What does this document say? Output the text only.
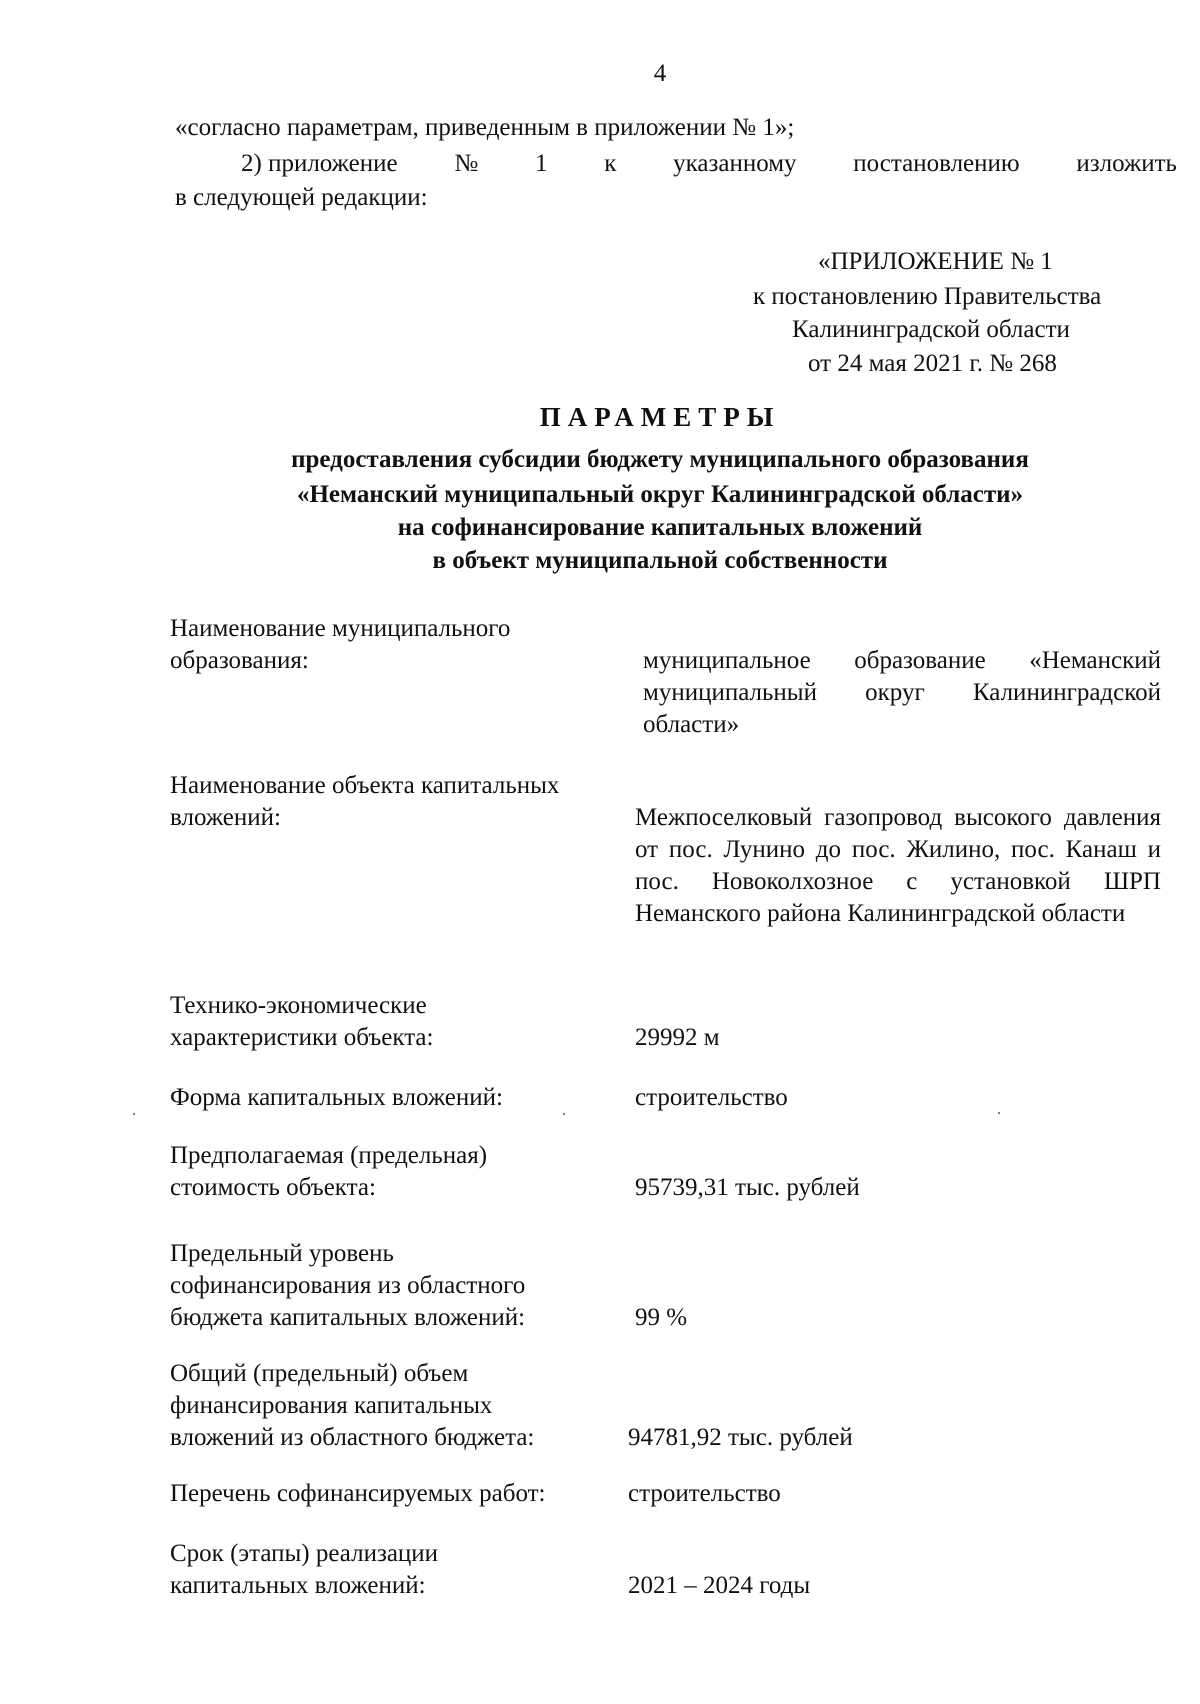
4
«согласно параметрам, приведенным в приложении № 1»;
2) приложение № 1 к указанному постановлению изложить
в следующей редакции:
«ПРИЛОЖЕНИЕ № 1
к постановлению Правительства
Калининградской области
от 24 мая 2021 г. № 268
ПАРАМЕТРЫ
предоставления субсидии бюджету муниципального образования
«Неманский муниципальный округ Калининградской области»
на софинансирование капитальных вложений
в объект муниципальной собственности
Наименование муниципального
образования:	муниципальное образование «Неманский муниципальный округ Калининградской области»
Наименование объекта капитальных
вложений:	Межпоселковый газопровод высокого давления от пос. Лунино до пос. Жилино, пос. Канаш и пос. Новоколхозное с установкой ШРП Неманского района Калининградской области
Технико-экономические
характеристики объекта:	29992 м
Форма капитальных вложений:	строительство
Предполагаемая (предельная)
стоимость объекта:	95739,31 тыс. рублей
Предельный уровень
софинансирования из областного
бюджета капитальных вложений:	99 %
Общий (предельный) объем
финансирования капитальных
вложений из областного бюджета:	94781,92 тыс. рублей
Перечень софинансируемых работ:	строительство
Срок (этапы) реализации
капитальных вложений:	2021 – 2024 годы
